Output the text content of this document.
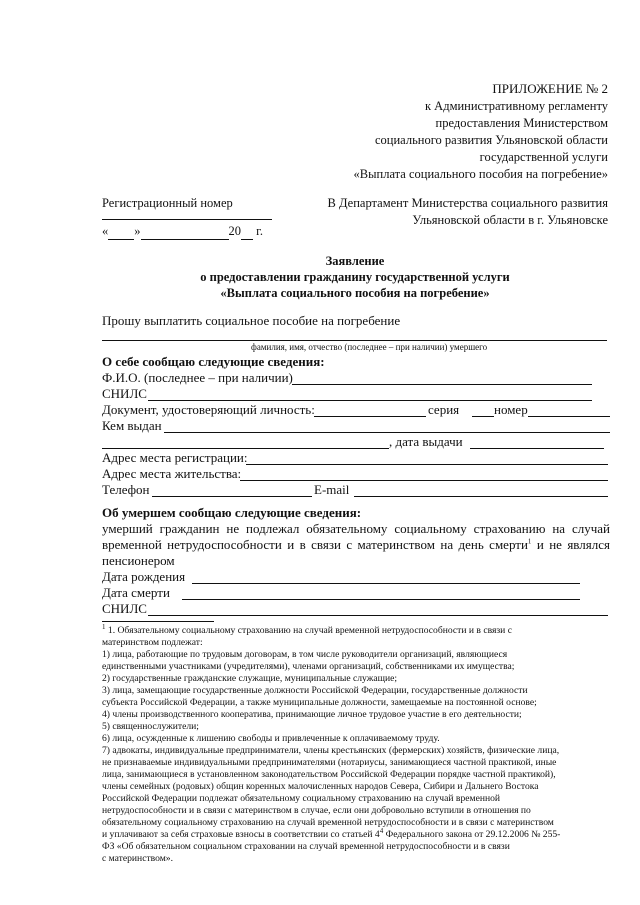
ПРИЛОЖЕНИЕ № 2
к Административному регламенту
предоставления Министерством
социального развития Ульяновской области
государственной услуги
«Выплата социального пособия на погребение»
Регистрационный номер
« »	20 г.
В Департамент Министерства социального развития
Ульяновской области в г. Ульяновске
Заявление
о предоставлении гражданину государственной услуги
«Выплата социального пособия на погребение»
Прошу выплатить социальное пособие на погребение
фамилия, имя, отчество (последнее – при наличии) умершего
О себе сообщаю следующие сведения:
Ф.И.О. (последнее – при наличии)
СНИЛС
Документ, удостоверяющий личность:	серия	номер
Кем выдан
, дата выдачи
Адрес места регистрации:
Адрес места жительства:
Телефон	E-mail
Об умершем сообщаю следующие сведения:
умерший гражданин не подлежал обязательному социальному страхованию на случай
временной нетрудоспособности и в связи с материнством на день смерти$^1$ и не являлся
пенсионером
Дата рождения
Дата смерти
СНИЛС
$^1$ 1. Обязательному социальному страхованию на случай временной нетрудоспособности и в связи с
материнством подлежат:
1) лица, работающие по трудовым договорам, в том числе руководители организаций, являющиеся
единственными участниками (учредителями), членами организаций, собственниками их имущества;
2) государственные гражданские служащие, муниципальные служащие;
3) лица, замещающие государственные должности Российской Федерации, государственные должности
субъекта Российской Федерации, а также муниципальные должности, замещаемые на постоянной основе;
4) члены производственного кооператива, принимающие личное трудовое участие в его деятельности;
5) священнослужители;
6) лица, осужденные к лишению свободы и привлеченные к оплачиваемому труду.
7) адвокаты, индивидуальные предприниматели, члены крестьянских (фермерских) хозяйств, физические лица,
не признаваемые индивидуальными предпринимателями (нотариусы, занимающиеся частной практикой, иные
лица, занимающиеся в установленном законодательством Российской Федерации порядке частной практикой),
члены семейных (родовых) общин коренных малочисленных народов Севера, Сибири и Дальнего Востока
Российской Федерации подлежат обязательному социальному страхованию на случай временной
нетрудоспособности и в связи с материнством в случае, если они добровольно вступили в отношения по
обязательному социальному страхованию на случай временной нетрудоспособности и в связи с материнством
и уплачивают за себя страховые взносы в соответствии со статьей $4^4$ Федерального закона от 29.12.2006 № 255-
ФЗ «Об обязательном социальном страховании на случай временной нетрудоспособности и в связи
с материнством».
